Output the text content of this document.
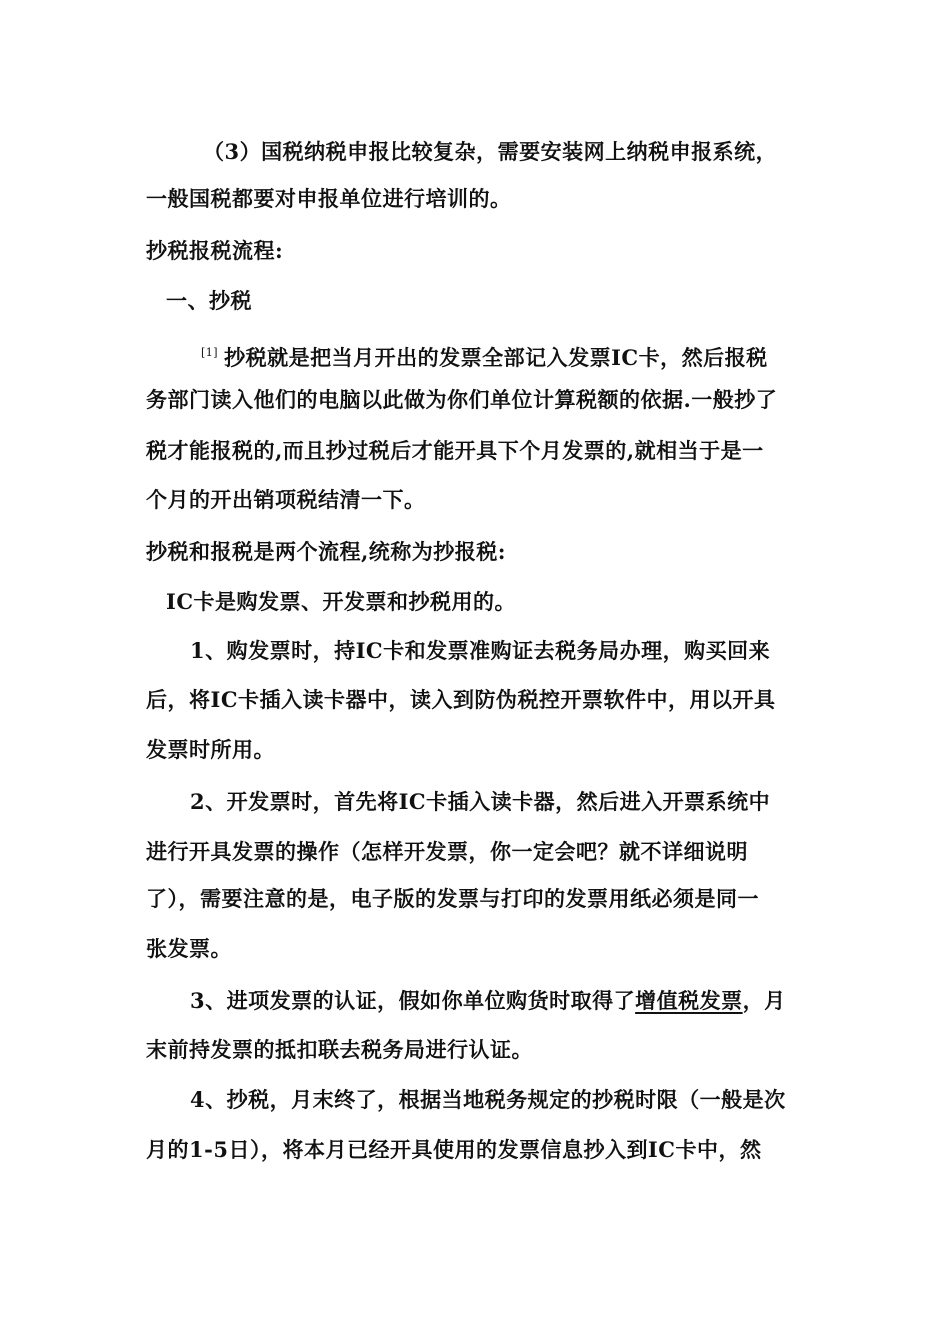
（3）国税纳税申报比较复杂，需要安装网上纳税申报系统，
一般国税都要对申报单位进行培训的。
抄税报税流程:
一、抄税
[1] 抄税就是把当月开出的发票全部记入发票IC卡，然后报税
务部门读入他们的电脑以此做为你们单位计算税额的依据.一般抄了
税才能报税的,而且抄过税后才能开具下个月发票的,就相当于是一
个月的开出销项税结清一下。
抄税和报税是两个流程,统称为抄报税:
IC卡是购发票、开发票和抄税用的。
1、购发票时，持IC卡和发票准购证去税务局办理，购买回来
后，将IC卡插入读卡器中，读入到防伪税控开票软件中，用以开具
发票时所用。
2、开发票时，首先将IC卡插入读卡器，然后进入开票系统中
进行开具发票的操作（怎样开发票，你一定会吧？就不详细说明
了），需要注意的是，电子版的发票与打印的发票用纸必须是同一
张发票。
3、进项发票的认证，假如你单位购货时取得了增值税发票，月
末前持发票的抵扣联去税务局进行认证。
4、抄税，月末终了，根据当地税务规定的抄税时限（一般是次
月的1-5日），将本月已经开具使用的发票信息抄入到IC卡中，然
